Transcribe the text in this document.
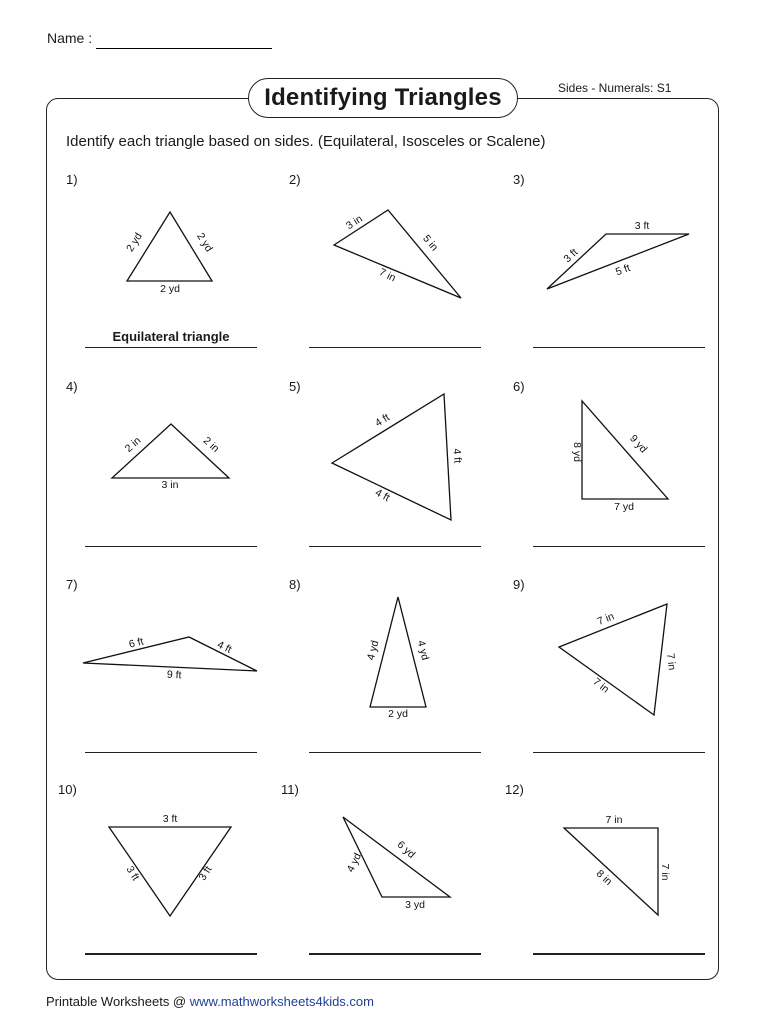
Name :
Identifying Triangles	Sides - Numerals: S1
Identify each triangle based on sides. (Equilateral, Isosceles or Scalene)
1)	2)	3)
4)	5)	6)
7)	8)	9)
10)	11)	12)
Equilateral triangle
2 yd	2 yd
2 yd
3 in
5 in
7 in
3 ft
3 ft
5 ft
2 in	2 in
3 in
4 ft
4 ft
4 ft
8 yd	9 yd
7 yd
6 ft	4 ft
9 ft
4 yd	4 yd
2 yd
7 in
7 in
7 in
3 ft
3 ft	3 ft	4 yd
6 yd
3 yd
7 in
7 in
8 in
Printable Worksheets @ www.mathworksheets4kids.com
